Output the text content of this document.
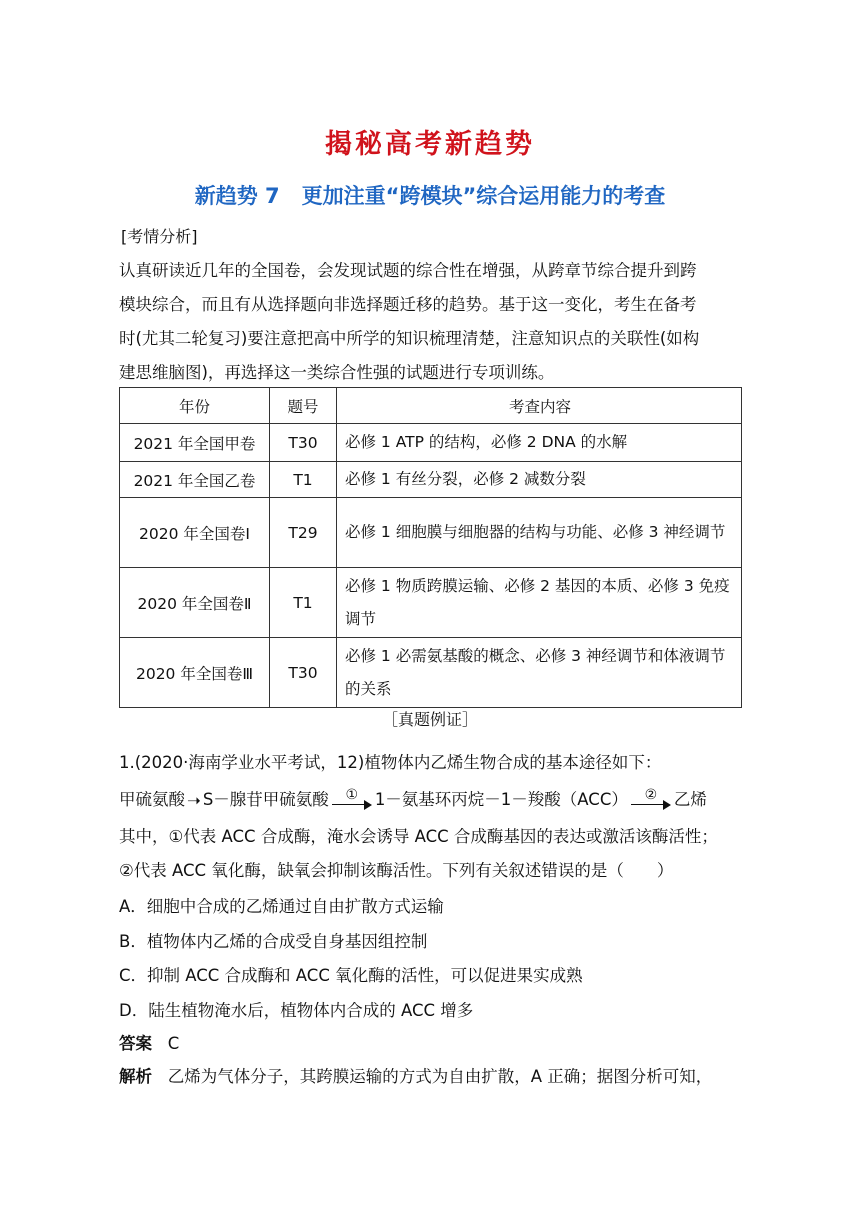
揭秘高考新趋势
新趋势 7 更加注重“跨模块”综合运用能力的考查
[考情分析]
认真研读近几年的全国卷，会发现试题的综合性在增强，从跨章节综合提升到跨
模块综合，而且有从选择题向非选择题迁移的趋势。基于这一变化，考生在备考
时(尤其二轮复习)要注意把高中所学的知识梳理清楚，注意知识点的关联性(如构
建思维脑图)，再选择这一类综合性强的试题进行专项训练。
年份	题号	考查内容
2021 年全国甲卷	T30	必修 1 ATP 的结构，必修 2 DNA 的水解
2021 年全国乙卷	T1	必修 1 有丝分裂，必修 2 减数分裂
2020 年全国卷Ⅰ	T29	必修 1 细胞膜与细胞器的结构与功能、必修 3 神经调节
2020 年全国卷Ⅱ	T1	必修 1 物质跨膜运输、必修 2 基因的本质、必修 3 免疫调节
2020 年全国卷Ⅲ	T30	必修 1 必需氨基酸的概念、必修 3 神经调节和体液调节的关系
［真题例证］
1.(2020·海南学业水平考试，12)植物体内乙烯生物合成的基本途径如下：
甲硫氨酸 ➝ S－腺苷甲硫氨酸 ① 1－氨基环丙烷－1－羧酸（ACC） ② 乙烯
其中，①代表 ACC 合成酶，淹水会诱导 ACC 合成酶基因的表达或激活该酶活性；
②代表 ACC 氧化酶，缺氧会抑制该酶活性。下列有关叙述错误的是（　　）
A．细胞中合成的乙烯通过自由扩散方式运输
B．植物体内乙烯的合成受自身基因组控制
C．抑制 ACC 合成酶和 ACC 氧化酶的活性，可以促进果实成熟
D．陆生植物淹水后，植物体内合成的 ACC 增多
答案 C
解析 乙烯为气体分子，其跨膜运输的方式为自由扩散，A 正确；据图分析可知，
